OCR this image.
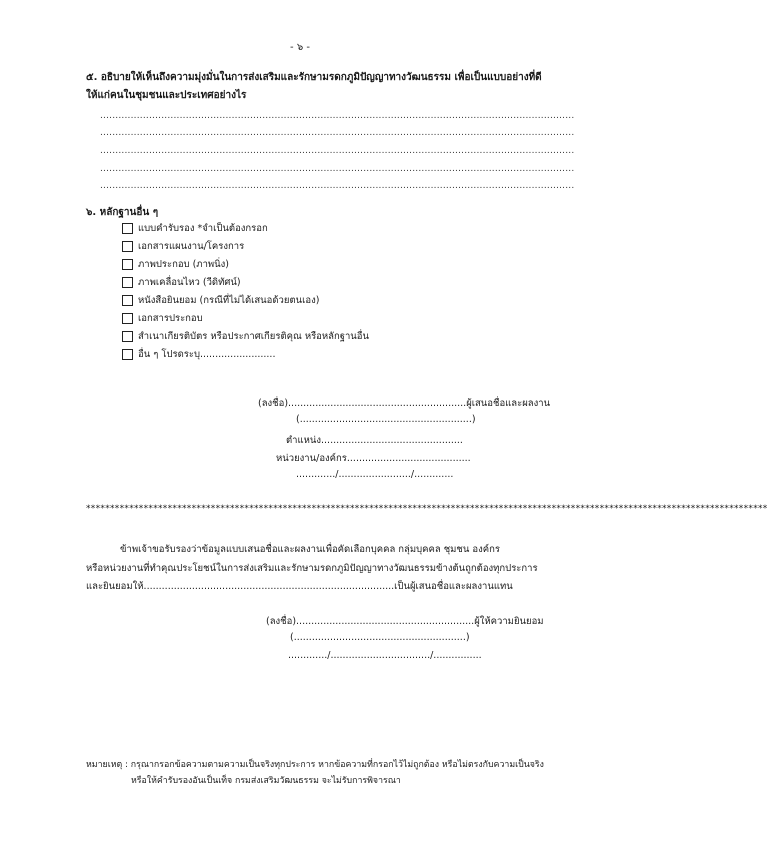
- ๖ -
๕. อธิบายให้เห็นถึงความมุ่งมั่นในการส่งเสริมและรักษามรดกภูมิปัญญาทางวัฒนธรรม เพื่อเป็นแบบอย่างที่ดี
ให้แก่คนในชุมชนและประเทศอย่างไร
...........................................................................................................................................................
...........................................................................................................................................................
...........................................................................................................................................................
...........................................................................................................................................................
...........................................................................................................................................................
๖. หลักฐานอื่น ๆ
แบบคำรับรอง *จำเป็นต้องกรอก
เอกสารแผนงาน/โครงการ
ภาพประกอบ (ภาพนิ่ง)
ภาพเคลื่อนไหว (วีดิทัศน์)
หนังสือยินยอม (กรณีที่ไม่ได้เสนอด้วยตนเอง)
เอกสารประกอบ
สำเนาเกียรติบัตร หรือประกาศเกียรติคุณ หรือหลักฐานอื่น
อื่น ๆ โปรดระบุ.........................
(ลงชื่อ)...........................................................ผู้เสนอชื่อและผลงาน
(.........................................................)
ตำแหน่ง...............................................
หน่วยงาน/องค์กร.........................................
............./......................../.............
**********************************************************************************************************************************************
ข้าพเจ้าขอรับรองว่าข้อมูลแบบเสนอชื่อและผลงานเพื่อคัดเลือกบุคคล กลุ่มบุคคล ชุมชน องค์กร
หรือหน่วยงานที่ทำคุณประโยชน์ในการส่งเสริมและรักษามรดกภูมิปัญญาทางวัฒนธรรมข้างต้นถูกต้องทุกประการ
และยินยอมให้...................................................................................เป็นผู้เสนอชื่อและผลงานแทน
(ลงชื่อ)...........................................................ผู้ให้ความยินยอม
(.........................................................)
............./................................./................
หมายเหตุ : กรุณากรอกข้อความตามความเป็นจริงทุกประการ หากข้อความที่กรอกไว้ไม่ถูกต้อง หรือไม่ตรงกับความเป็นจริง
หรือให้คำรับรองอันเป็นเท็จ กรมส่งเสริมวัฒนธรรม จะไม่รับการพิจารณา
